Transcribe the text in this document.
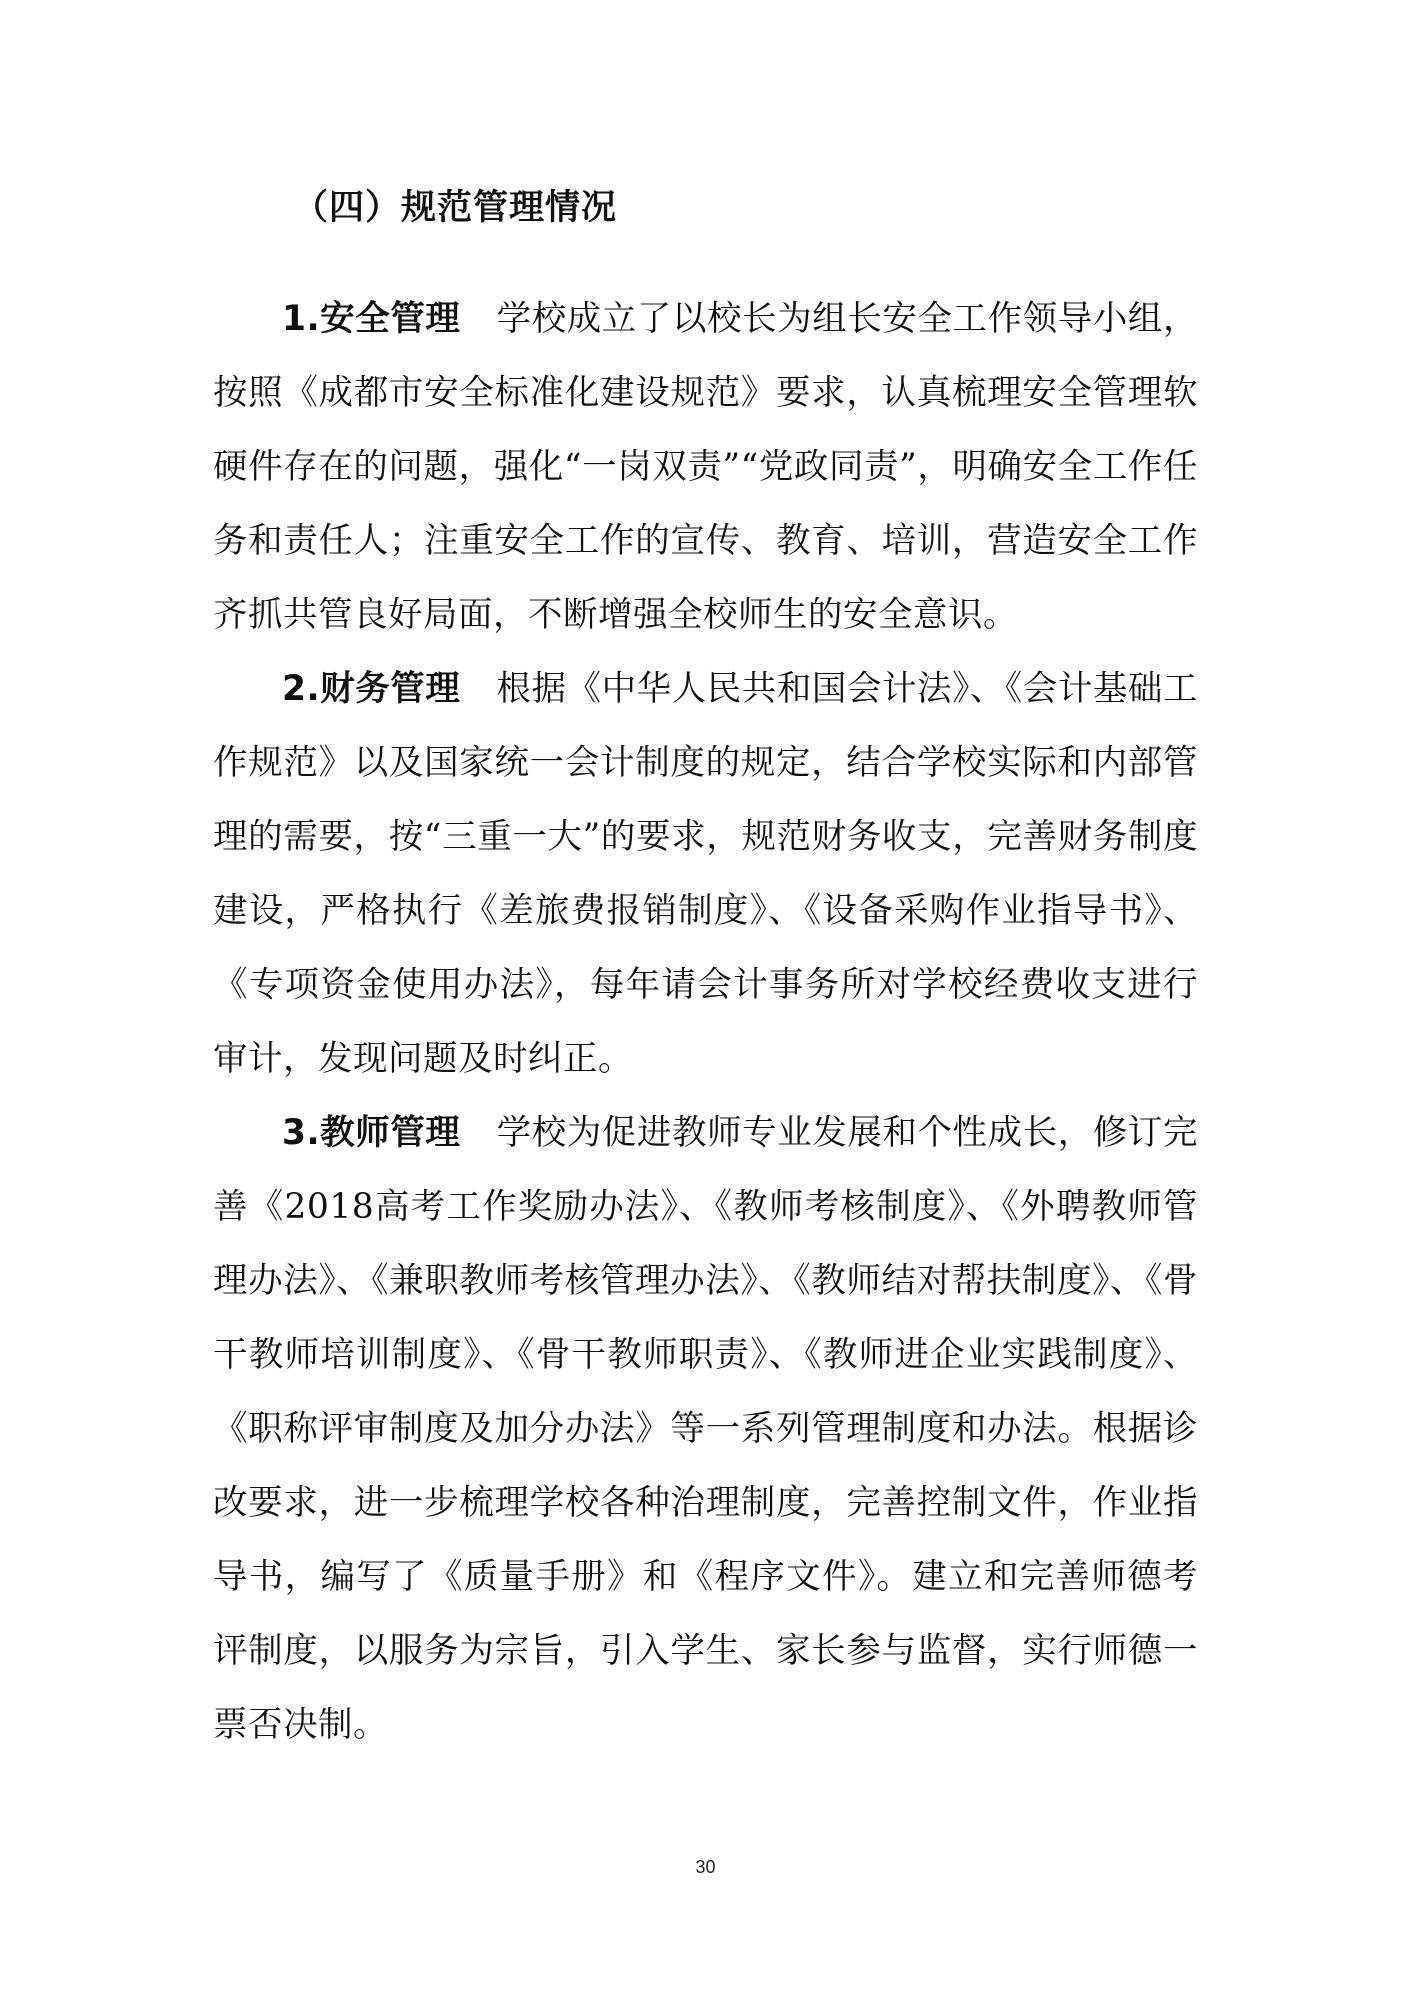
（四）规范管理情况

1.安全管理 学校成立了以校长为组长安全工作领导小组，按照《成都市安全标准化建设规范》要求，认真梳理安全管理软硬件存在的问题，强化“一岗双责”“党政同责”，明确安全工作任务和责任人；注重安全工作的宣传、教育、培训，营造安全工作齐抓共管良好局面，不断增强全校师生的安全意识。

2.财务管理 根据《中华人民共和国会计法》、《会计基础工作规范》以及国家统一会计制度的规定，结合学校实际和内部管理的需要，按“三重一大”的要求，规范财务收支，完善财务制度建设，严格执行《差旅费报销制度》、《设备采购作业指导书》、《专项资金使用办法》，每年请会计事务所对学校经费收支进行审计，发现问题及时纠正。

3.教师管理 学校为促进教师专业发展和个性成长，修订完善《2018高考工作奖励办法》、《教师考核制度》、《外聘教师管理办法》、《兼职教师考核管理办法》、《教师结对帮扶制度》、《骨干教师培训制度》、《骨干教师职责》、《教师进企业实践制度》、《职称评审制度及加分办法》等一系列管理制度和办法。根据诊改要求，进一步梳理学校各种治理制度，完善控制文件，作业指导书，编写了《质量手册》和《程序文件》。建立和完善师德考评制度，以服务为宗旨，引入学生、家长参与监督，实行师德一票否决制。

30
